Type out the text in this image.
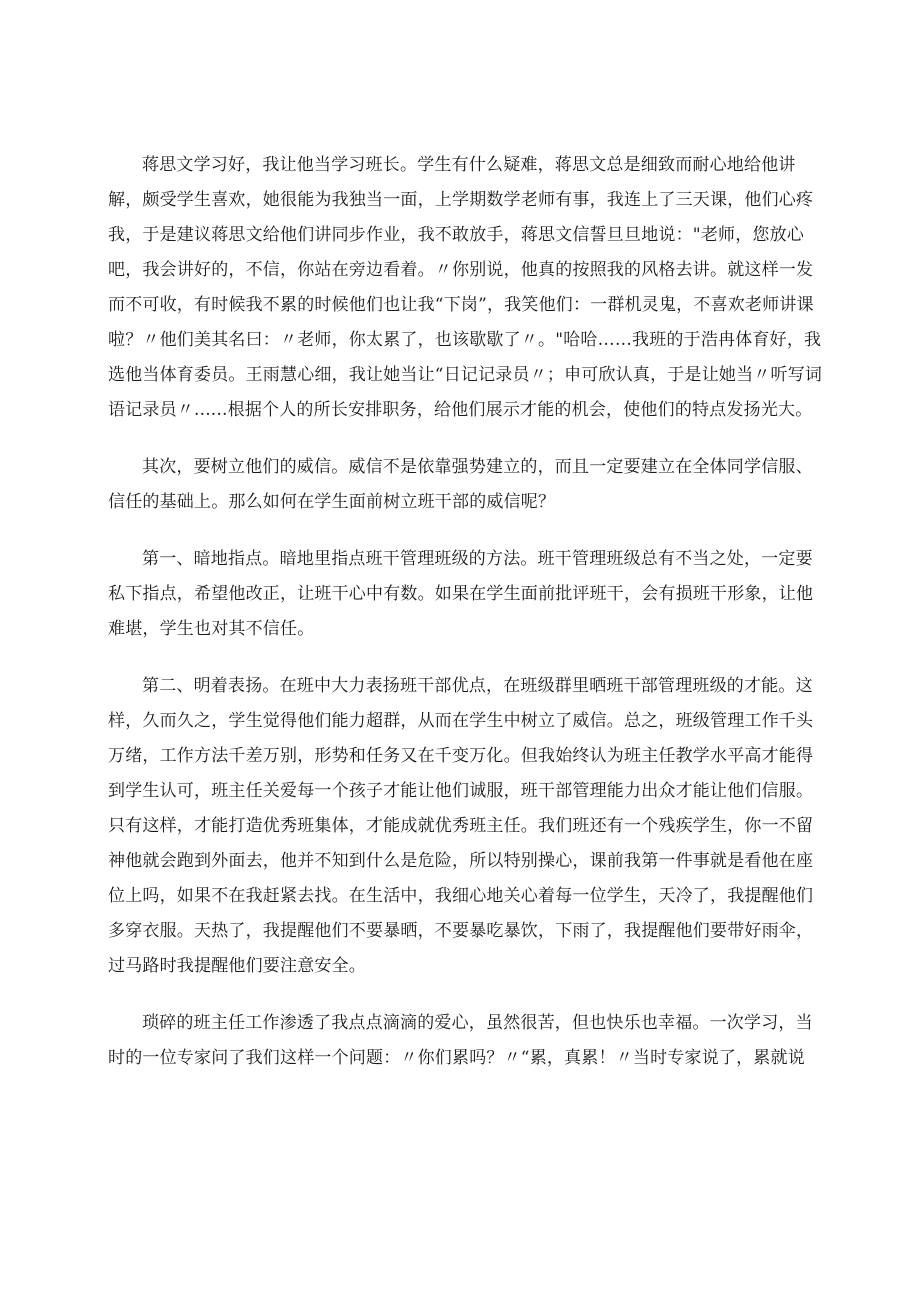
蒋思文学习好，我让他当学习班长。学生有什么疑难，蒋思文总是细致而耐心地给他讲解，颇受学生喜欢，她很能为我独当一面，上学期数学老师有事，我连上了三天课，他们心疼我，于是建议蒋思文给他们讲同步作业，我不敢放手，蒋思文信誓旦旦地说："老师，您放心吧，我会讲好的，不信，你站在旁边看着。〃你别说，他真的按照我的风格去讲。就这样一发而不可收，有时候我不累的时候他们也让我“下岗”，我笑他们：一群机灵鬼，不喜欢老师讲课啦？〃他们美其名曰：〃老师，你太累了，也该歇歇了〃。"哈哈……我班的于浩冉体育好，我选他当体育委员。王雨慧心细，我让她当让“日记记录员〃；申可欣认真，于是让她当〃听写词语记录员〃......根据个人的所长安排职务，给他们展示才能的机会，使他们的特点发扬光大。

其次，要树立他们的威信。威信不是依靠强势建立的，而且一定要建立在全体同学信服、信任的基础上。那么如何在学生面前树立班干部的威信呢？

第一、暗地指点。暗地里指点班干管理班级的方法。班干管理班级总有不当之处，一定要私下指点，希望他改正，让班干心中有数。如果在学生面前批评班干，会有损班干形象，让他难堪，学生也对其不信任。

第二、明着表扬。在班中大力表扬班干部优点，在班级群里晒班干部管理班级的才能。这样，久而久之，学生觉得他们能力超群，从而在学生中树立了威信。总之，班级管理工作千头万绪，工作方法千差万别，形势和任务又在千变万化。但我始终认为班主任教学水平高才能得到学生认可，班主任关爱每一个孩子才能让他们诚服，班干部管理能力出众才能让他们信服。只有这样，才能打造优秀班集体，才能成就优秀班主任。我们班还有一个残疾学生，你一不留神他就会跑到外面去，他并不知到什么是危险，所以特别操心，课前我第一件事就是看他在座位上吗，如果不在我赶紧去找。在生活中，我细心地关心着每一位学生，天冷了，我提醒他们多穿衣服。天热了，我提醒他们不要暴晒，不要暴吃暴饮，下雨了，我提醒他们要带好雨伞，过马路时我提醒他们要注意安全。

琐碎的班主任工作渗透了我点点滴滴的爱心，虽然很苦，但也快乐也幸福。一次学习，当时的一位专家问了我们这样一个问题：〃你们累吗？〃“累，真累！〃当时专家说了，累就说
